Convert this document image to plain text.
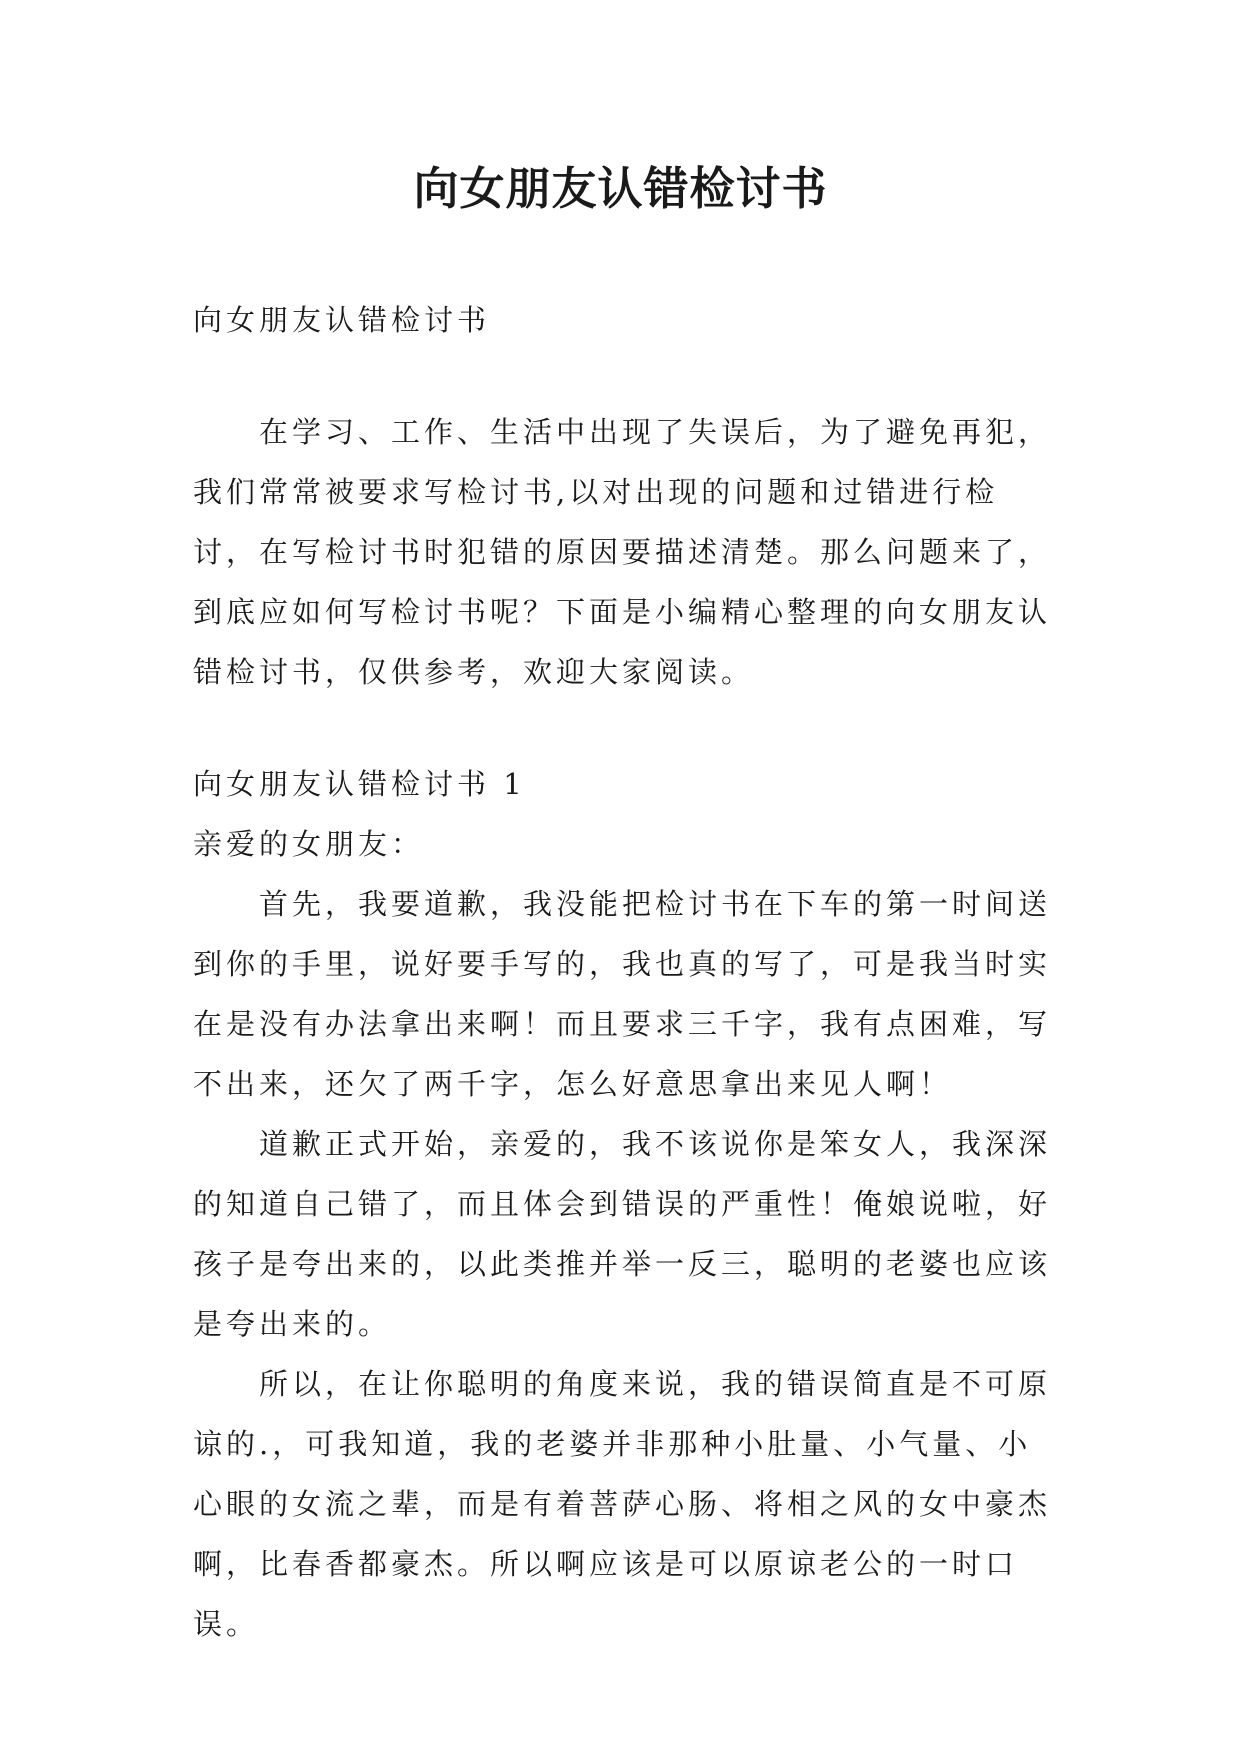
向女朋友认错检讨书

向女朋友认错检讨书

在学习、工作、生活中出现了失误后，为了避免再犯，我们常常被要求写检讨书,以对出现的问题和过错进行检讨，在写检讨书时犯错的原因要描述清楚。那么问题来了，到底应如何写检讨书呢？下面是小编精心整理的向女朋友认错检讨书，仅供参考，欢迎大家阅读。

向女朋友认错检讨书 1

亲爱的女朋友：

首先，我要道歉，我没能把检讨书在下车的第一时间送到你的手里，说好要手写的，我也真的写了，可是我当时实在是没有办法拿出来啊！而且要求三千字，我有点困难，写不出来，还欠了两千字，怎么好意思拿出来见人啊！

道歉正式开始，亲爱的，我不该说你是笨女人，我深深的知道自己错了，而且体会到错误的严重性！俺娘说啦，好孩子是夸出来的，以此类推并举一反三，聪明的老婆也应该是夸出来的。

所以，在让你聪明的角度来说，我的错误简直是不可原谅的.，可我知道，我的老婆并非那种小肚量、小气量、小心眼的女流之辈，而是有着菩萨心肠、将相之风的女中豪杰啊，比春香都豪杰。所以啊应该是可以原谅老公的一时口误。
